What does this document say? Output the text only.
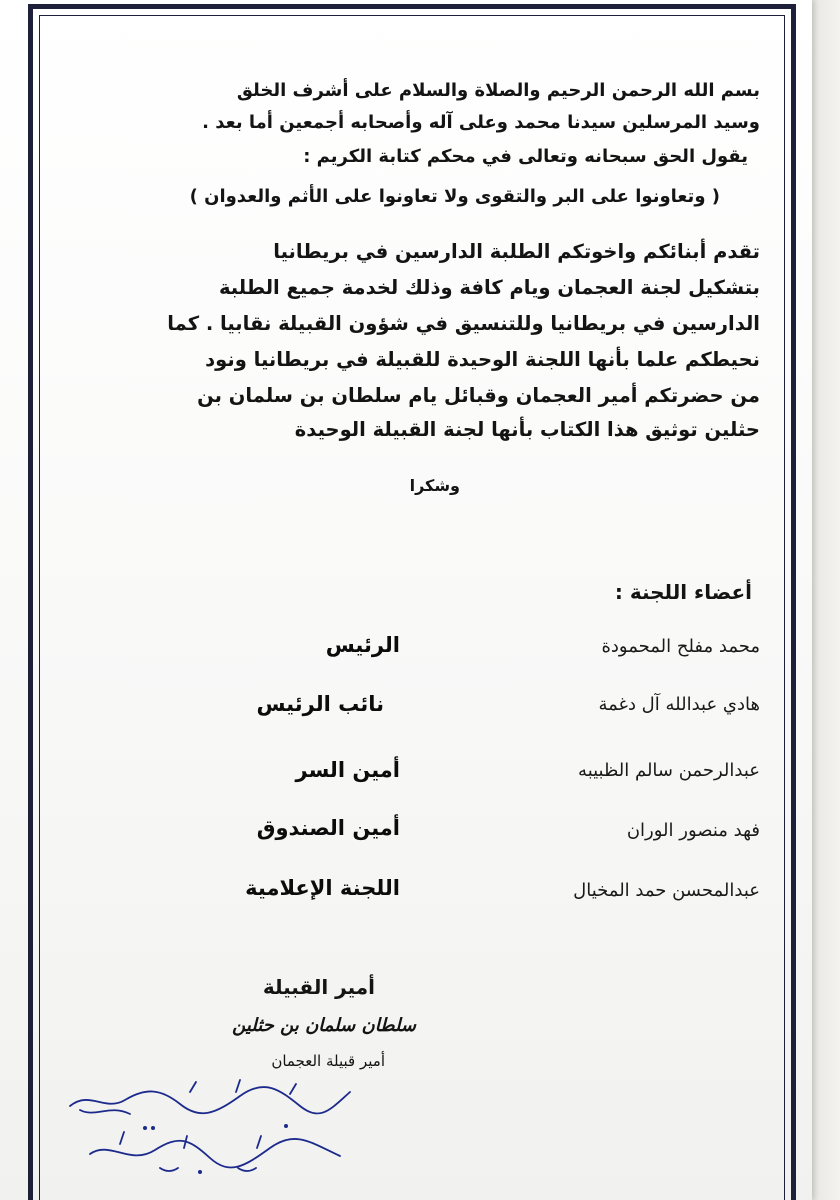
بسم الله الرحمن الرحيم والصلاة والسلام على أشرف الخلق
وسيد المرسلين سيدنا محمد وعلى آله وأصحابه أجمعين أما بعد .
يقول الحق سبحانه وتعالى في محكم كتابة الكريم :
( وتعاونوا على البر والتقوى ولا تعاونوا على الأثم والعدوان )
تقدم أبنائكم واخوتكم الطلبة الدارسين في بريطانيا
بتشكيل لجنة العجمان ويام كافة وذلك لخدمة جميع الطلبة
الدارسين في بريطانيا وللتنسيق في شؤون القبيلة نقابيا . كما
نحيطكم علما بأنها اللجنة الوحيدة للقبيلة في بريطانيا ونود
من حضرتكم أمير العجمان وقبائل يام سلطان بن سلمان بن
حثلين توثيق هذا الكتاب بأنها لجنة القبيلة الوحيدة
وشكرا
أعضاء اللجنة :
محمد مفلح المحمودة
الرئيس
هادي عبدالله آل دغمة
نائب الرئيس
عبدالرحمن سالم الظبيبه
أمين السر
فهد منصور الوران
أمين الصندوق
عبدالمحسن حمد المخيال
اللجنة الإعلامية
أمير القبيلة
سلطان سلمان بن حثلين
أمير قبيلة العجمان
